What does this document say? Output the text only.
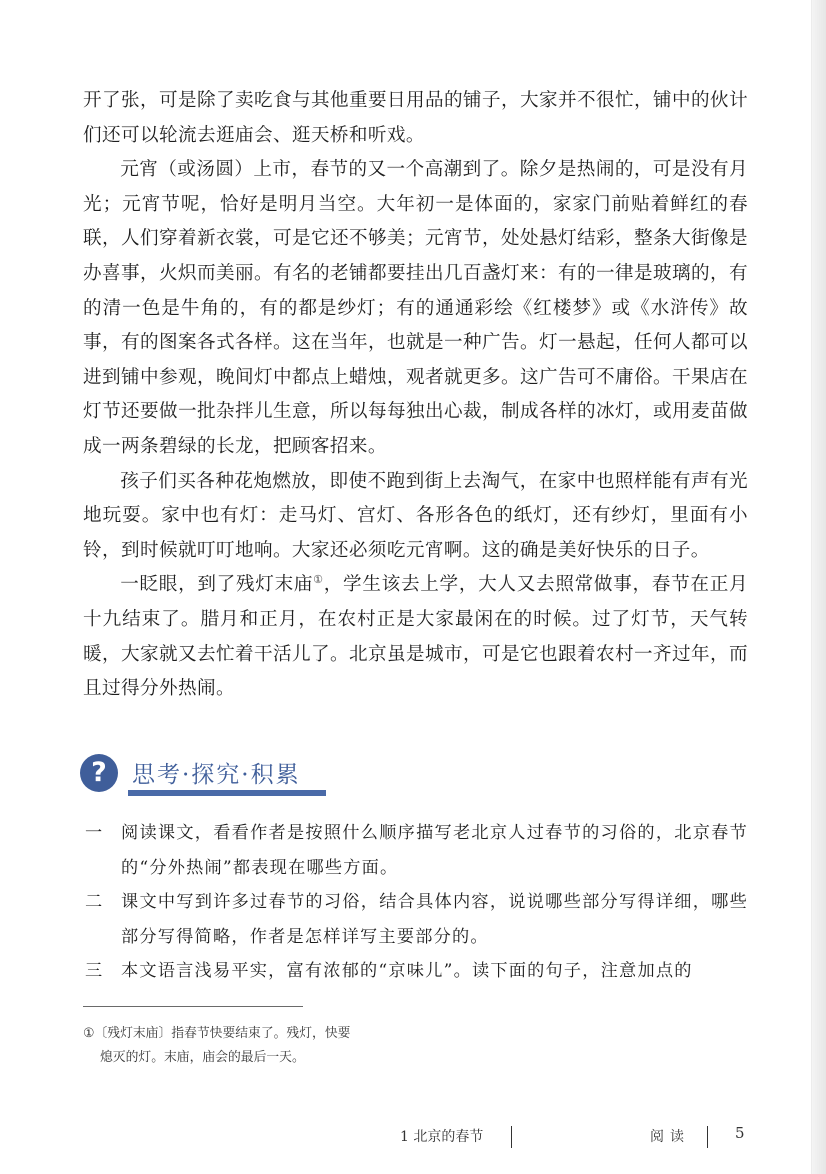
开了张，可是除了卖吃食与其他重要日用品的铺子，大家并不很忙，铺中的伙计们还可以轮流去逛庙会、逛天桥和听戏。

元宵（或汤圆）上市，春节的又一个高潮到了。除夕是热闹的，可是没有月光；元宵节呢，恰好是明月当空。大年初一是体面的，家家门前贴着鲜红的春联，人们穿着新衣裳，可是它还不够美；元宵节，处处悬灯结彩，整条大街像是办喜事，火炽而美丽。有名的老铺都要挂出几百盏灯来：有的一律是玻璃的，有的清一色是牛角的，有的都是纱灯；有的通通彩绘《红楼梦》或《水浒传》故事，有的图案各式各样。这在当年，也就是一种广告。灯一悬起，任何人都可以进到铺中参观，晚间灯中都点上蜡烛，观者就更多。这广告可不庸俗。干果店在灯节还要做一批杂拌儿生意，所以每每独出心裁，制成各样的冰灯，或用麦苗做成一两条碧绿的长龙，把顾客招来。

孩子们买各种花炮燃放，即使不跑到街上去淘气，在家中也照样能有声有光地玩耍。家中也有灯：走马灯、宫灯、各形各色的纸灯，还有纱灯，里面有小铃，到时候就叮叮地响。大家还必须吃元宵啊。这的确是美好快乐的日子。

一眨眼，到了残灯末庙①，学生该去上学，大人又去照常做事，春节在正月十九结束了。腊月和正月，在农村正是大家最闲在的时候。过了灯节，天气转暖，大家就又去忙着干活儿了。北京虽是城市，可是它也跟着农村一齐过年，而且过得分外热闹。

?	思考·探究·积累
一 阅读课文，看看作者是按照什么顺序描写老北京人过春节的习俗的，北京春节的“分外热闹”都表现在哪些方面。
二 课文中写到许多过春节的习俗，结合具体内容，说说哪些部分写得详细，哪些部分写得简略，作者是怎样详写主要部分的。
三 本文语言浅易平实，富有浓郁的“京味儿”。读下面的句子，注意加点的
①〔残灯末庙〕指春节快要结束了。残灯，快要
熄灭的灯。末庙，庙会的最后一天。
1 北京的春节	阅读	5
